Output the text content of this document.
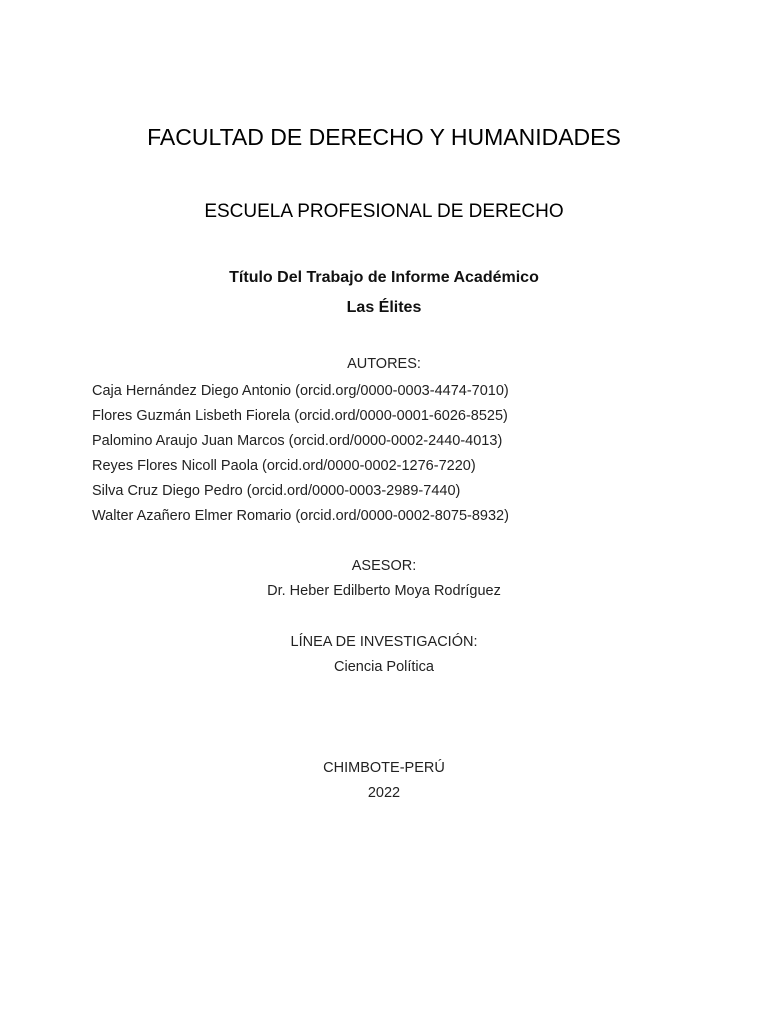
FACULTAD DE DERECHO Y HUMANIDADES
ESCUELA PROFESIONAL DE DERECHO
Título Del Trabajo de Informe Académico
Las Élites
AUTORES:
Caja Hernández Diego Antonio (orcid.org/0000-0003-4474-7010)
Flores Guzmán Lisbeth Fiorela (orcid.ord/0000-0001-6026-8525)
Palomino Araujo Juan Marcos (orcid.ord/0000-0002-2440-4013)
Reyes Flores Nicoll Paola (orcid.ord/0000-0002-1276-7220)
Silva Cruz Diego Pedro (orcid.ord/0000-0003-2989-7440)
Walter Azañero Elmer Romario (orcid.ord/0000-0002-8075-8932)
ASESOR:
Dr. Heber Edilberto Moya Rodríguez
LÍNEA DE INVESTIGACIÓN:
Ciencia Política
CHIMBOTE-PERÚ
2022
